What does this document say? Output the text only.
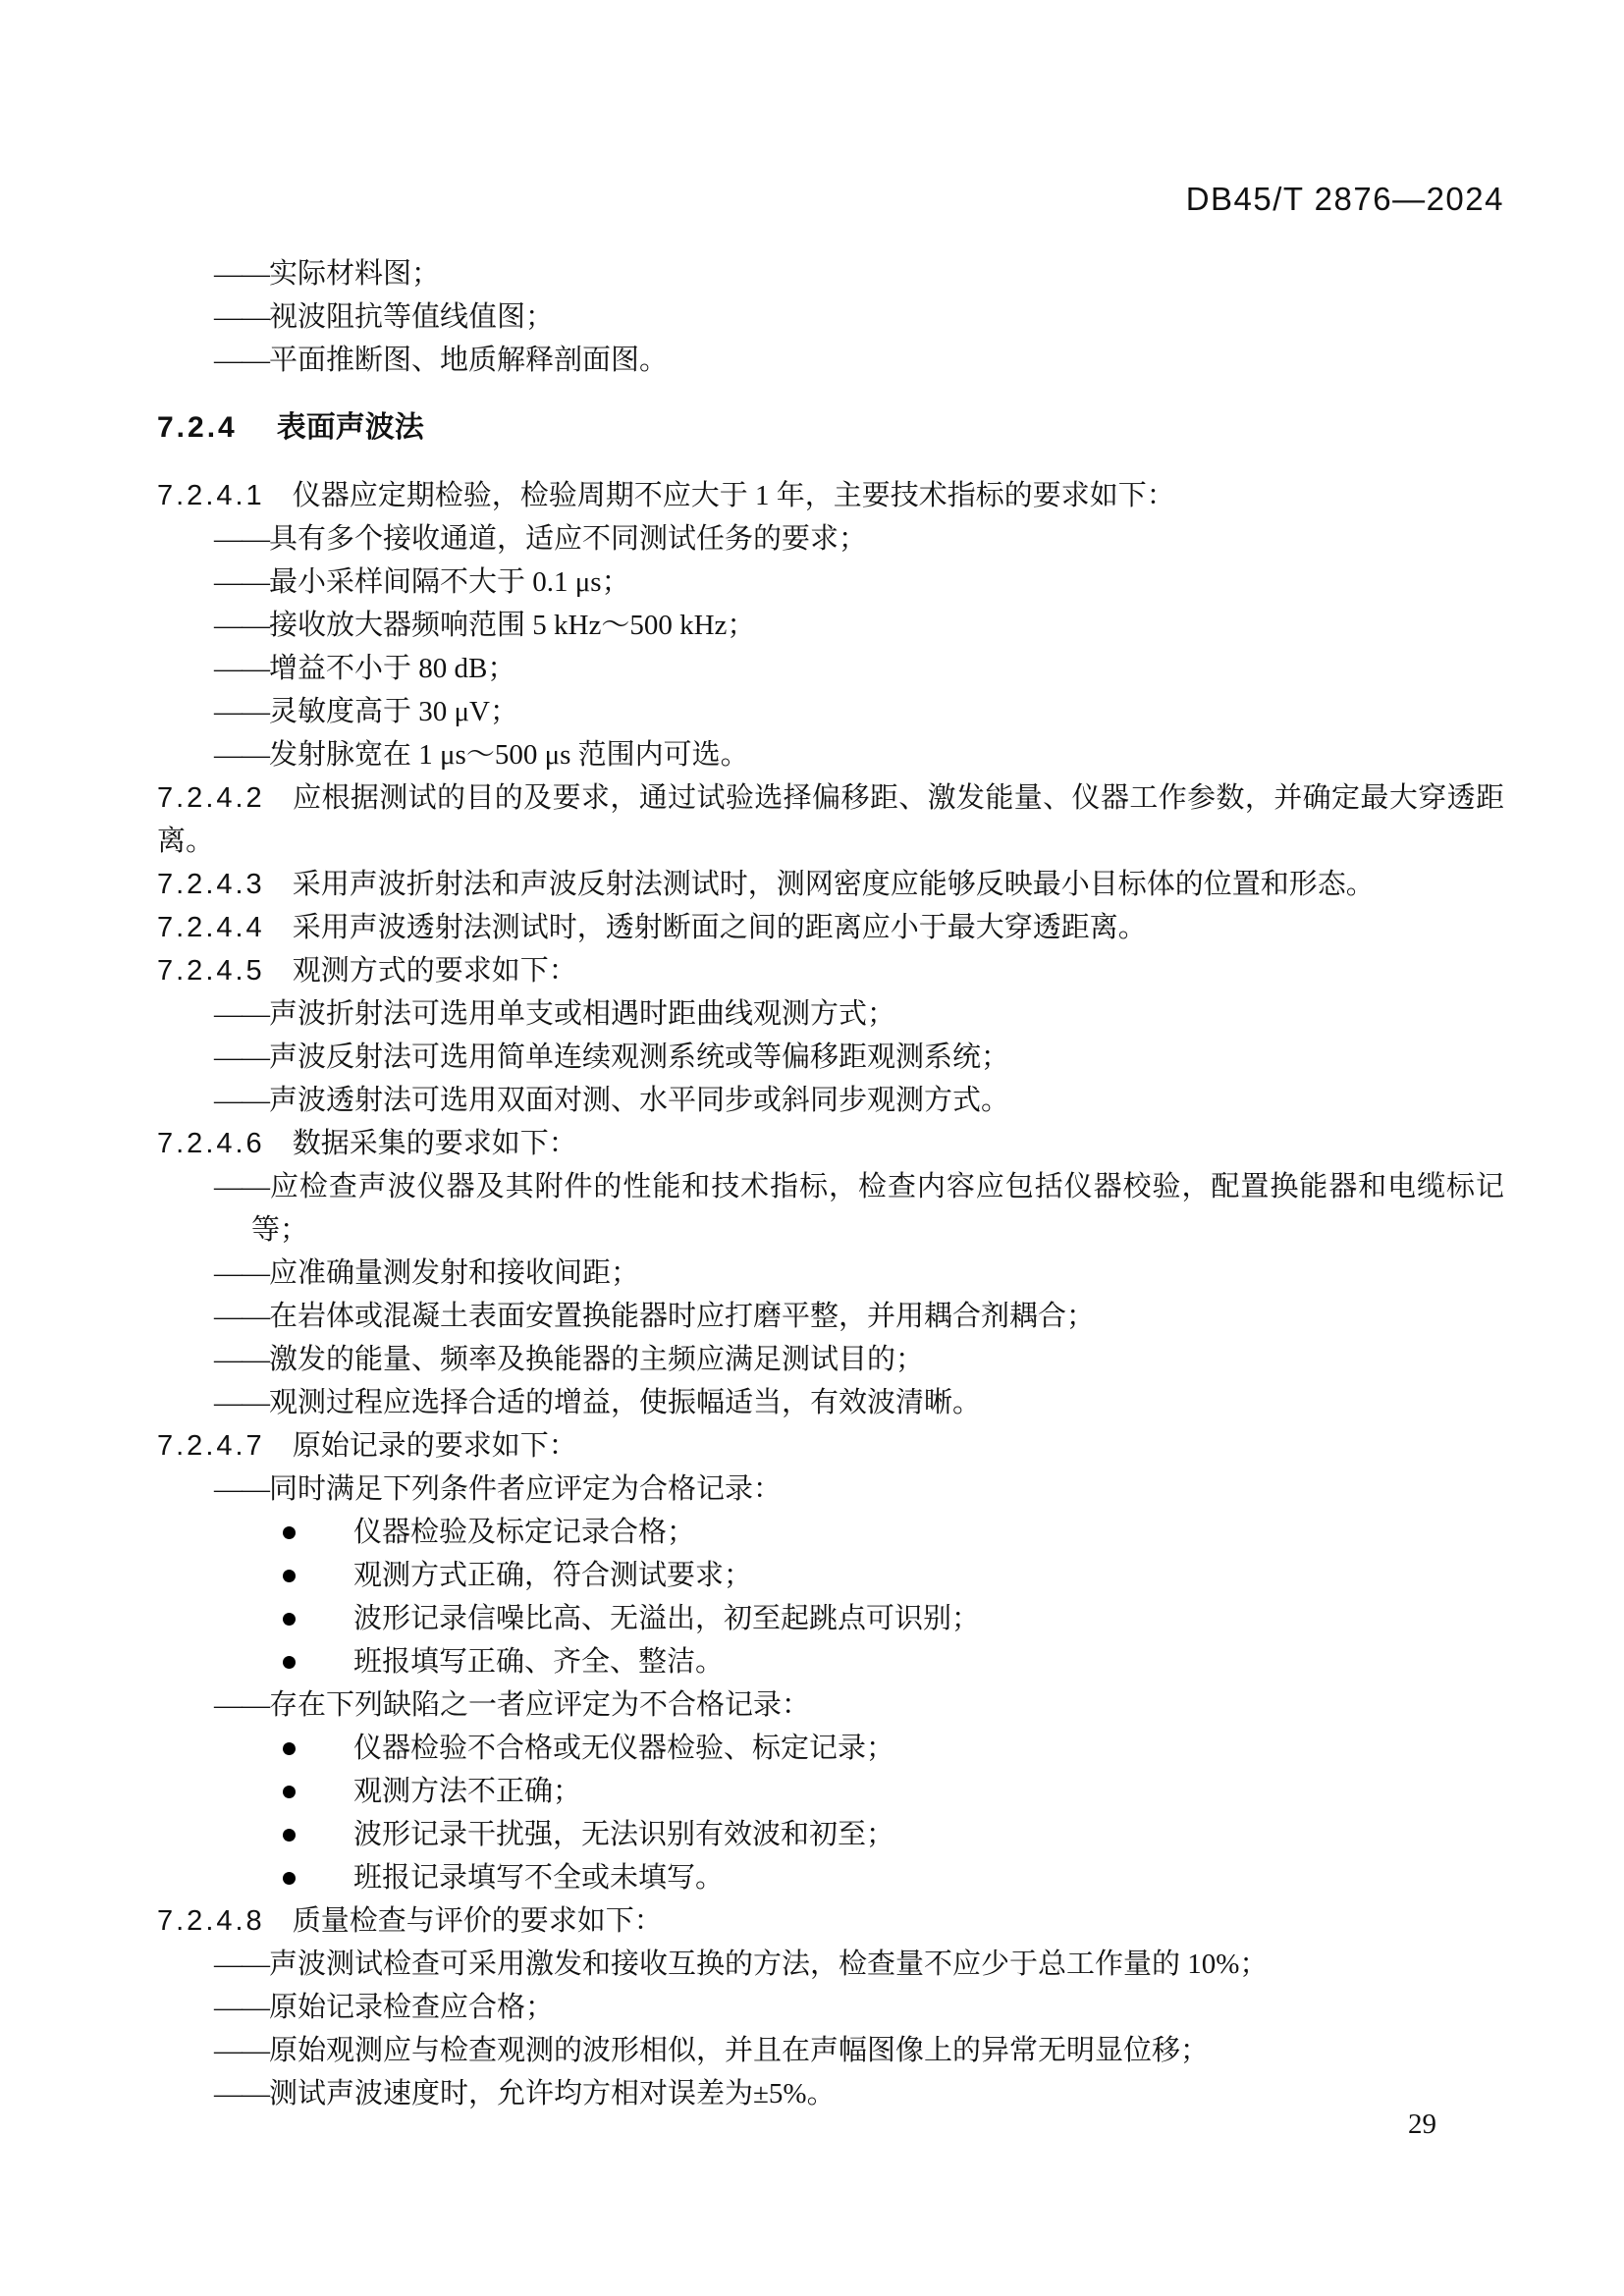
DB45/T 2876—2024

——实际材料图；

——视波阻抗等值线值图；

——平面推断图、地质解释剖面图。

7.2.4 表面声波法

7.2.4.1 仪器应定期检验，检验周期不应大于 1 年，主要技术指标的要求如下：

——具有多个接收通道，适应不同测试任务的要求；

——最小采样间隔不大于 0.1 μs；

——接收放大器频响范围 5 kHz～500 kHz；

——增益不小于 80 dB；

——灵敏度高于 30 μV；

——发射脉宽在 1 μs～500 μs 范围内可选。

7.2.4.2 应根据测试的目的及要求，通过试验选择偏移距、激发能量、仪器工作参数，并确定最大穿透距离。

7.2.4.3 采用声波折射法和声波反射法测试时，测网密度应能够反映最小目标体的位置和形态。

7.2.4.4 采用声波透射法测试时，透射断面之间的距离应小于最大穿透距离。

7.2.4.5 观测方式的要求如下：

——声波折射法可选用单支或相遇时距曲线观测方式；

——声波反射法可选用简单连续观测系统或等偏移距观测系统；

——声波透射法可选用双面对测、水平同步或斜同步观测方式。

7.2.4.6 数据采集的要求如下：

——应检查声波仪器及其附件的性能和技术指标，检查内容应包括仪器校验，配置换能器和电缆标记等；

——应准确量测发射和接收间距；

——在岩体或混凝土表面安置换能器时应打磨平整，并用耦合剂耦合；

——激发的能量、频率及换能器的主频应满足测试目的；

——观测过程应选择合适的增益，使振幅适当，有效波清晰。

7.2.4.7 原始记录的要求如下：

——同时满足下列条件者应评定为合格记录：

仪器检验及标定记录合格；

观测方式正确，符合测试要求；

波形记录信噪比高、无溢出，初至起跳点可识别；

班报填写正确、齐全、整洁。

——存在下列缺陷之一者应评定为不合格记录：

仪器检验不合格或无仪器检验、标定记录；

观测方法不正确；

波形记录干扰强，无法识别有效波和初至；

班报记录填写不全或未填写。

7.2.4.8 质量检查与评价的要求如下：

——声波测试检查可采用激发和接收互换的方法，检查量不应少于总工作量的 10%；

——原始记录检查应合格；

——原始观测应与检查观测的波形相似，并且在声幅图像上的异常无明显位移；

——测试声波速度时，允许均方相对误差为±5%。

29
